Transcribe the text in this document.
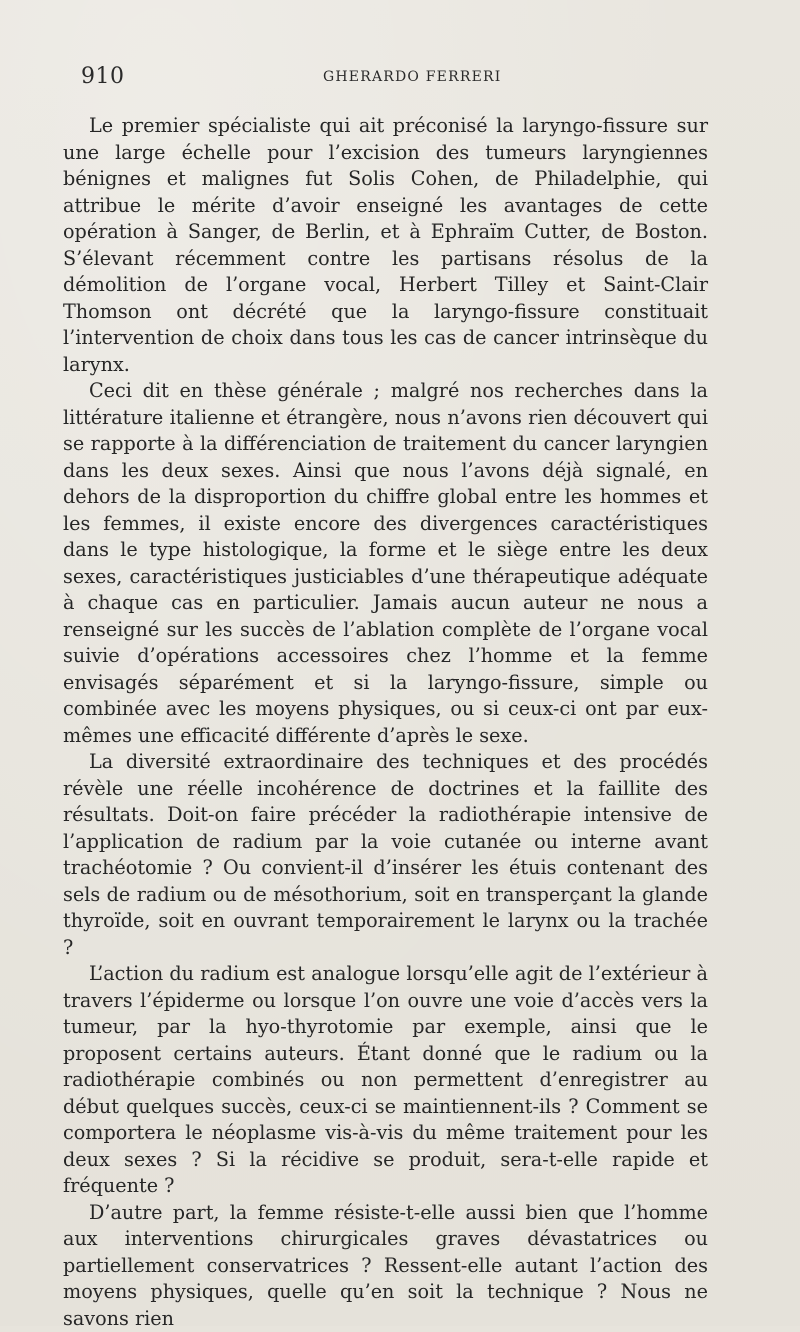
910	GHERARDO FERRERI

Le premier spécialiste qui ait préconisé la laryngo-fissure sur une large échelle pour l’excision des tumeurs laryngiennes bénignes et malignes fut Solis Cohen, de Philadelphie, qui attribue le mérite d’avoir enseigné les avantages de cette opération à Sanger, de Berlin, et à Ephraïm Cutter, de Boston. S’élevant récemment contre les partisans résolus de la démolition de l’organe vocal, Herbert Tilley et Saint-Clair Thomson ont décrété que la laryngo-fissure constituait l’intervention de choix dans tous les cas de cancer intrinsèque du larynx.

Ceci dit en thèse générale ; malgré nos recherches dans la littérature italienne et étrangère, nous n’avons rien découvert qui se rapporte à la différenciation de traitement du cancer laryngien dans les deux sexes. Ainsi que nous l’avons déjà signalé, en dehors de la disproportion du chiffre global entre les hommes et les femmes, il existe encore des divergences caractéristiques dans le type histologique, la forme et le siège entre les deux sexes, caractéristiques justiciables d’une thérapeutique adéquate à chaque cas en particulier. Jamais aucun auteur ne nous a renseigné sur les succès de l’ablation complète de l’organe vocal suivie d’opérations accessoires chez l’homme et la femme envisagés séparément et si la laryngo-fissure, simple ou combinée avec les moyens physiques, ou si ceux-ci ont par eux-mêmes une efficacité différente d’après le sexe.

La diversité extraordinaire des techniques et des procédés révèle une réelle incohérence de doctrines et la faillite des résultats. Doit-on faire précéder la radiothérapie intensive de l’application de radium par la voie cutanée ou interne avant trachéotomie ? Ou convient-il d’insérer les étuis contenant des sels de radium ou de mésothorium, soit en transperçant la glande thyroïde, soit en ouvrant temporairement le larynx ou la trachée ?

L’action du radium est analogue lorsqu’elle agit de l’extérieur à travers l’épiderme ou lorsque l’on ouvre une voie d’accès vers la tumeur, par la hyo-thyrotomie par exemple, ainsi que le proposent certains auteurs. Étant donné que le radium ou la radiothérapie combinés ou non permettent d’enregistrer au début quelques succès, ceux-ci se maintiennent-ils ? Comment se comportera le néoplasme vis-à-vis du même traitement pour les deux sexes ? Si la récidive se produit, sera-t-elle rapide et fréquente ?

D’autre part, la femme résiste-t-elle aussi bien que l’homme aux interventions chirurgicales graves dévastatrices ou partiellement conservatrices ? Ressent-elle autant l’action des moyens physiques, quelle qu’en soit la technique ? Nous ne savons rien
